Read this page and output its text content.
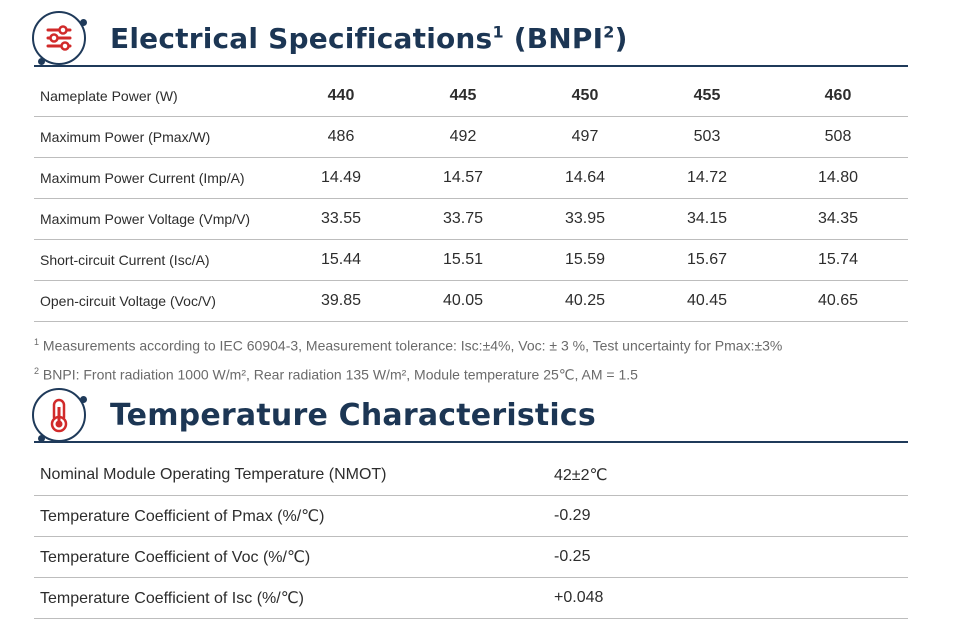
Electrical Specifications$^1$ (BNPI$^2$)
Nameplate Power (W)	440	445	450	455	460
Maximum Power (Pmax/W)	486	492	497	503	508
Maximum Power Current (Imp/A)	14.49	14.57	14.64	14.72	14.80
Maximum Power Voltage (Vmp/V)	33.55	33.75	33.95	34.15	34.35
Short-circuit Current (Isc/A)	15.44	15.51	15.59	15.67	15.74
Open-circuit Voltage (Voc/V)	39.85	40.05	40.25	40.45	40.65
$^1$ Measurements according to IEC 60904-3, Measurement tolerance: Isc:±4%, Voc: ± 3 %, Test uncertainty for Pmax:±3%
$^2$ BNPI: Front radiation 1000 W/m², Rear radiation 135 W/m², Module temperature 25℃, AM = 1.5
Temperature Characteristics
Nominal Module Operating Temperature (NMOT)	42±2℃
Temperature Coefficient of Pmax (%/℃)	-0.29
Temperature Coefficient of Voc (%/℃)	-0.25
Temperature Coefficient of Isc (%/℃)	+0.048
